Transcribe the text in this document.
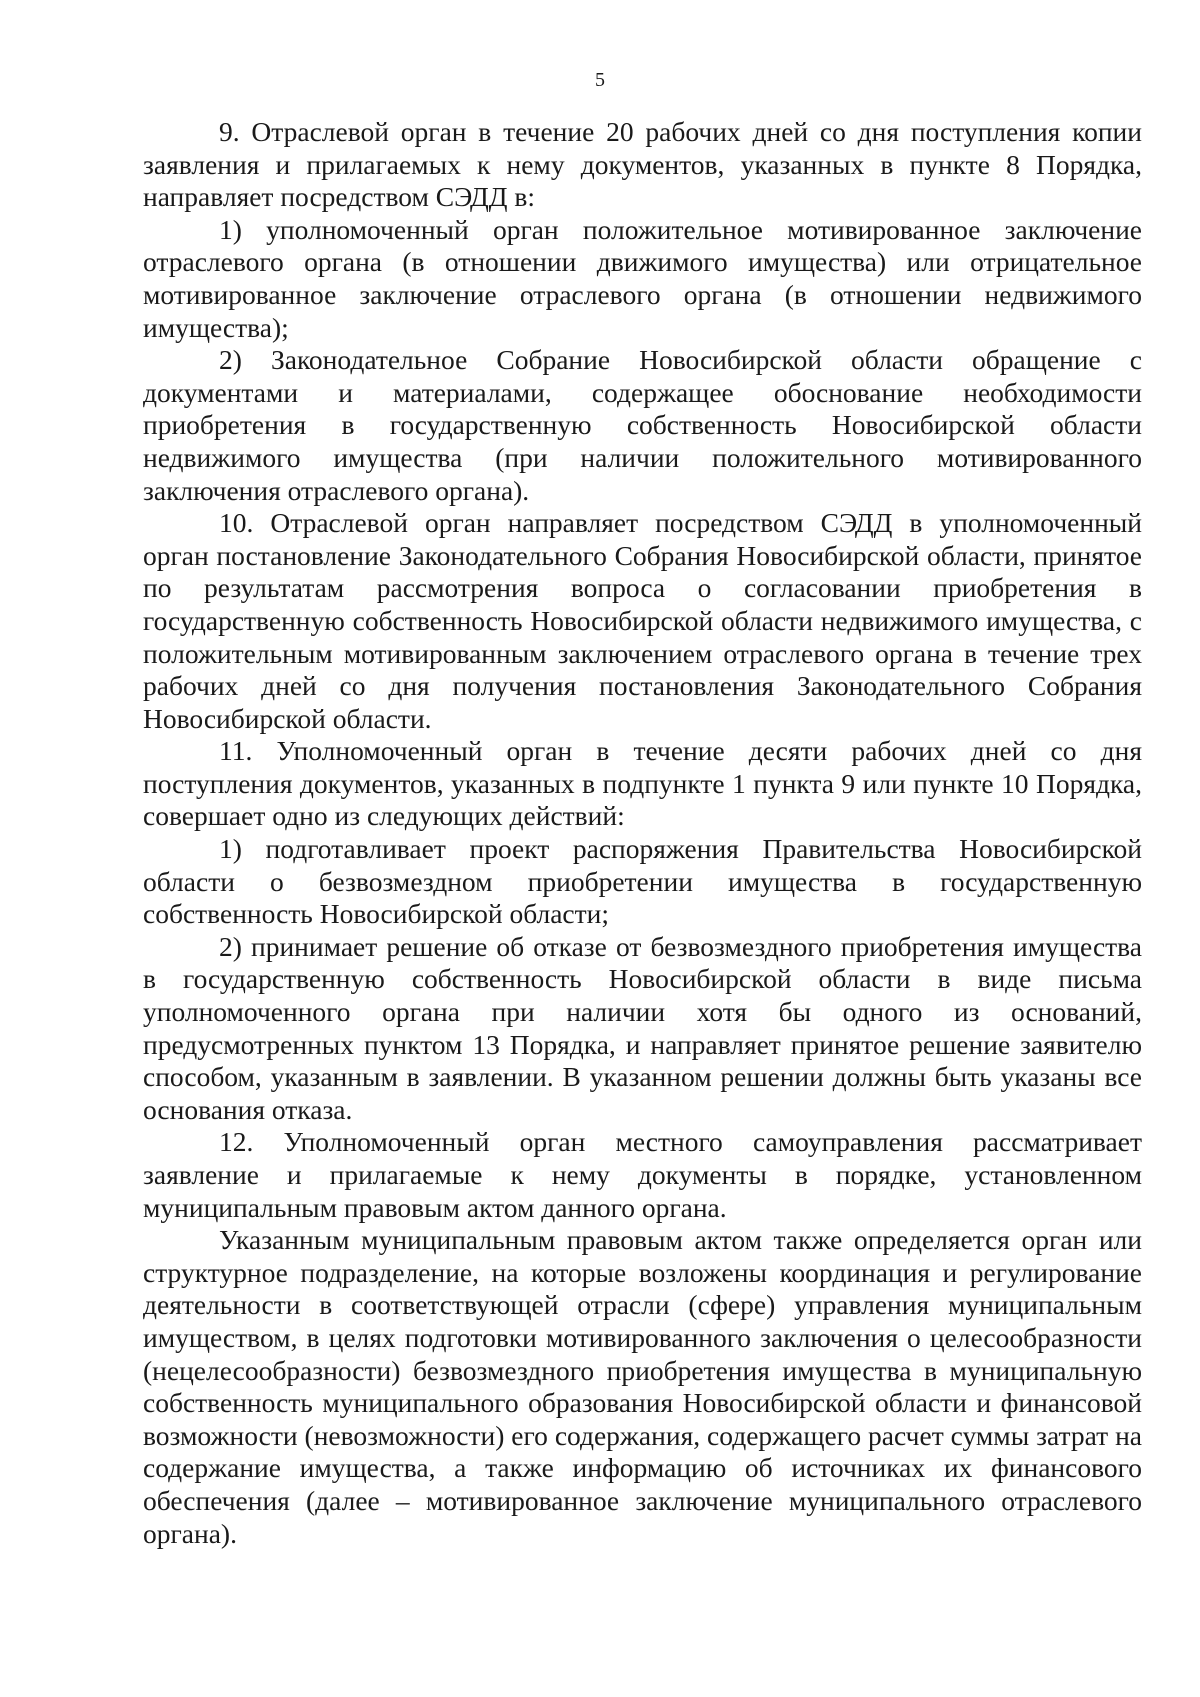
5

9. Отраслевой орган в течение 20 рабочих дней со дня поступления копии заявления и прилагаемых к нему документов, указанных в пункте 8 Порядка, направляет посредством СЭДД в:

1) уполномоченный орган положительное мотивированное заключение отраслевого органа (в отношении движимого имущества) или отрицательное мотивированное заключение отраслевого органа (в отношении недвижимого имущества);

2) Законодательное Собрание Новосибирской области обращение с документами и материалами, содержащее обоснование необходимости приобретения в государственную собственность Новосибирской области недвижимого имущества (при наличии положительного мотивированного заключения отраслевого органа).

10. Отраслевой орган направляет посредством СЭДД в уполномоченный орган постановление Законодательного Собрания Новосибирской области, принятое по результатам рассмотрения вопроса о согласовании приобретения в государственную собственность Новосибирской области недвижимого имущества, с положительным мотивированным заключением отраслевого органа в течение трех рабочих дней со дня получения постановления Законодательного Собрания Новосибирской области.

11. Уполномоченный орган в течение десяти рабочих дней со дня поступления документов, указанных в подпункте 1 пункта 9 или пункте 10 Порядка, совершает одно из следующих действий:

1) подготавливает проект распоряжения Правительства Новосибирской области о безвозмездном приобретении имущества в государственную собственность Новосибирской области;

2) принимает решение об отказе от безвозмездного приобретения имущества в государственную собственность Новосибирской области в виде письма уполномоченного органа при наличии хотя бы одного из оснований, предусмотренных пунктом 13 Порядка, и направляет принятое решение заявителю способом, указанным в заявлении. В указанном решении должны быть указаны все основания отказа.

12. Уполномоченный орган местного самоуправления рассматривает заявление и прилагаемые к нему документы в порядке, установленном муниципальным правовым актом данного органа.

Указанным муниципальным правовым актом также определяется орган или структурное подразделение, на которые возложены координация и регулирование деятельности в соответствующей отрасли (сфере) управления муниципальным имуществом, в целях подготовки мотивированного заключения о целесообразности (нецелесообразности) безвозмездного приобретения имущества в муниципальную собственность муниципального образования Новосибирской области и финансовой возможности (невозможности) его содержания, содержащего расчет суммы затрат на содержание имущества, а также информацию об источниках их финансового обеспечения (далее – мотивированное заключение муниципального отраслевого органа).
